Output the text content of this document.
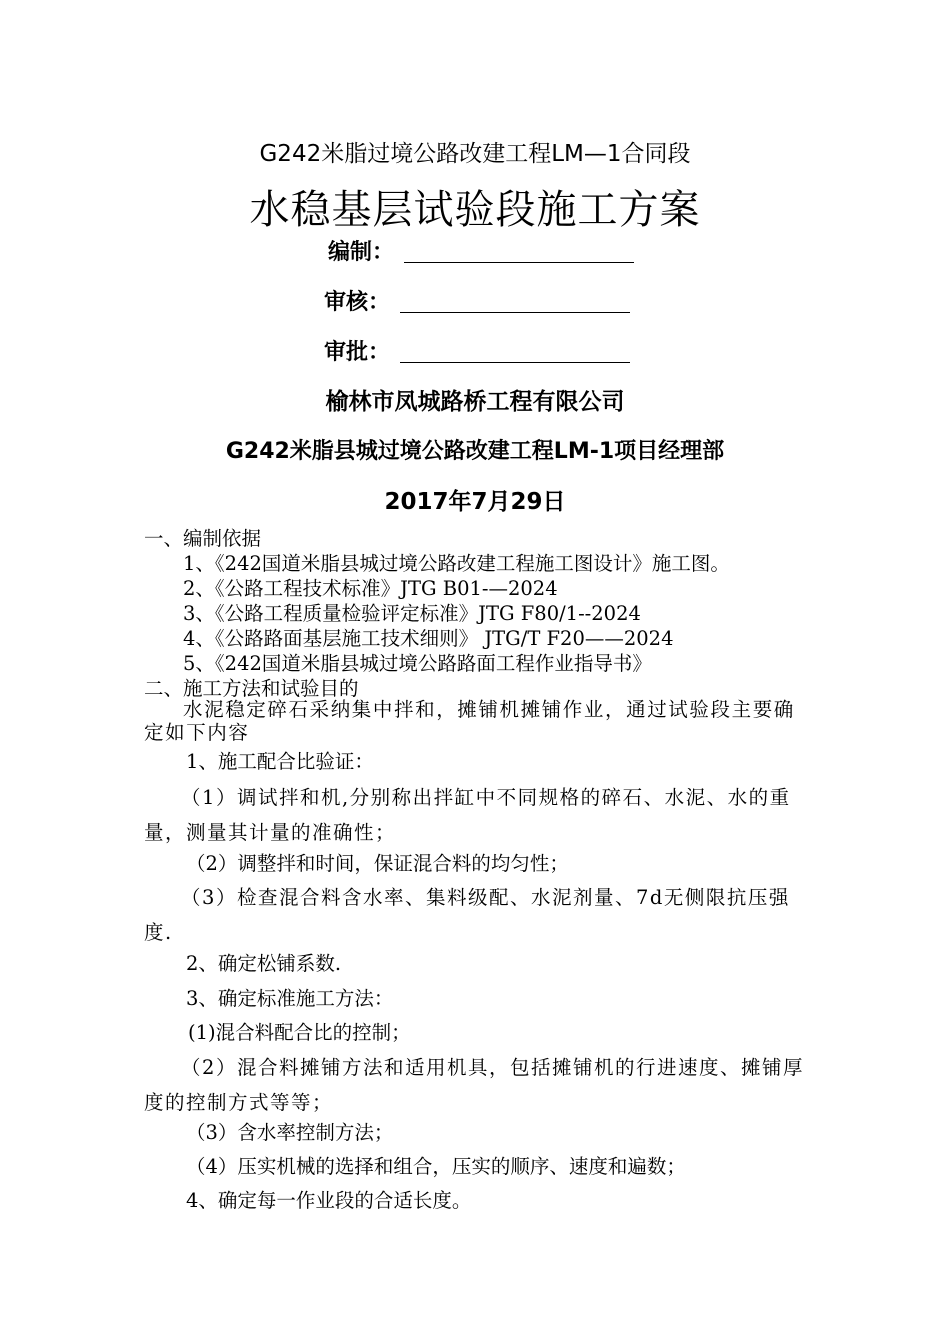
G242米脂过境公路改建工程LM—1合同段
水稳基层试验段施工方案
编制：
审核：
审批：
榆林市凤城路桥工程有限公司
G242米脂县城过境公路改建工程LM-1项目经理部
2017年7月29日
一、编制依据
1、《242国道米脂县城过境公路改建工程施工图设计》施工图。
2、《公路工程技术标准》JTG B01-—2024
3、《公路工程质量检验评定标准》JTG F80/1--2024
4、《公路路面基层施工技术细则》 JTG/T F20——2024
5、《242国道米脂县城过境公路路面工程作业指导书》
二、施工方法和试验目的
水泥稳定碎石采纳集中拌和，摊铺机摊铺作业，通过试验段主要确定如下内容
1、施工配合比验证：
（1）调试拌和机,分别称出拌缸中不同规格的碎石、水泥、水的重量，测量其计量的准确性；
（2）调整拌和时间，保证混合料的均匀性；
（3）检查混合料含水率、集料级配、水泥剂量、7d无侧限抗压强度.
2、确定松铺系数.
3、确定标准施工方法：
(1)混合料配合比的控制；
（2）混合料摊铺方法和适用机具，包括摊铺机的行进速度、摊铺厚度的控制方式等等；
（3）含水率控制方法；
（4）压实机械的选择和组合，压实的顺序、速度和遍数；
4、确定每一作业段的合适长度。
